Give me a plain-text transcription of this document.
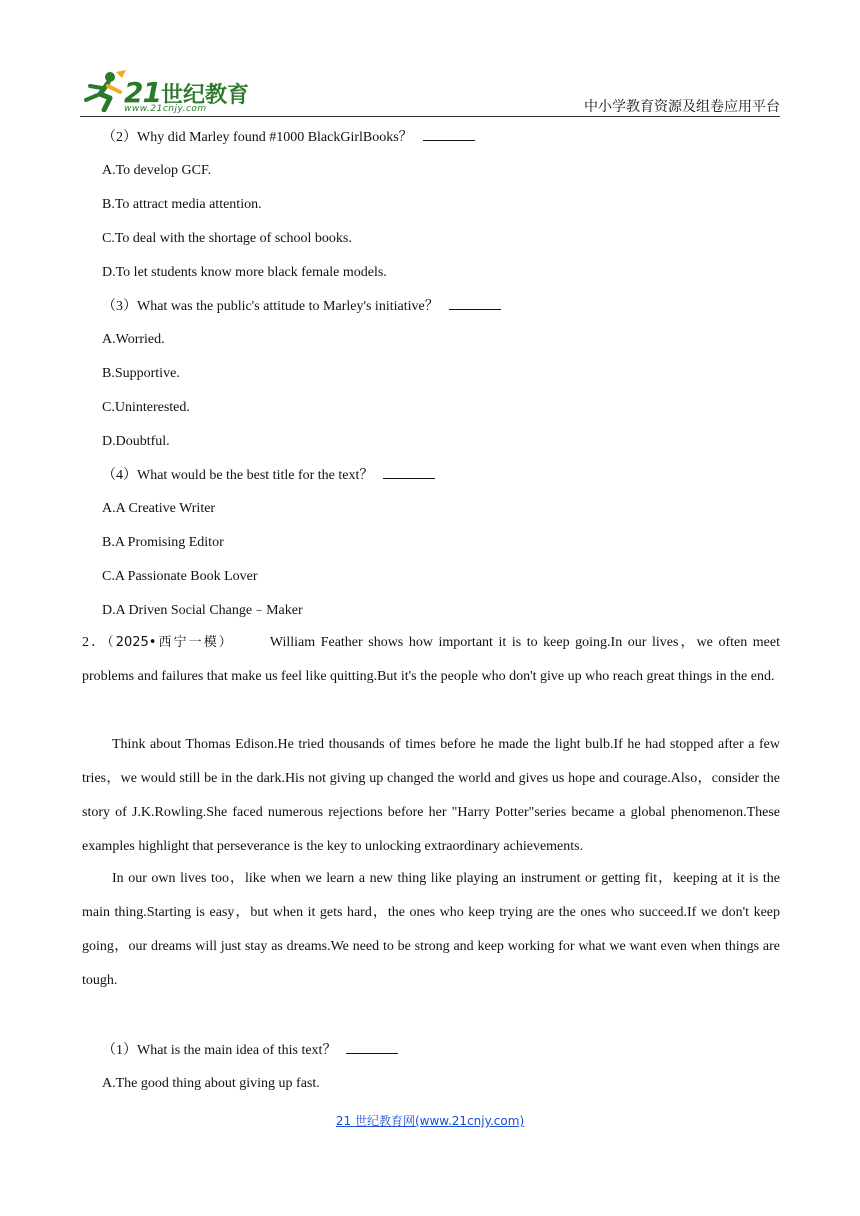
21世纪教育
www.21cnjy.com	中小学教育资源及组卷应用平台
（2）Why did Marley found #1000 BlackGirlBooks？
A.To develop GCF.
B.To attract media attention.
C.To deal with the shortage of school books.
D.To let students know more black female models.
（3）What was the public's attitude to Marley's initiative？
A.Worried.
B.Supportive.
C.Uninterested.
D.Doubtful.
（4）What would be the best title for the text？
A.A Creative Writer
B.A Promising Editor
C.A Passionate Book Lover
D.A Driven Social Change﹣Maker
2．（2025•西宁一模）	William Feather shows how important it is to keep going.In our lives，we often meet problems and failures that make us feel like quitting.But it's the people who don't give up who reach great things in the end.
Think about Thomas Edison.He tried thousands of times before he made the light bulb.If he had stopped after a few tries，we would still be in the dark.His not giving up changed the world and gives us hope and courage.Also，consider the story of J.K.Rowling.She faced numerous rejections before her "Harry Potter"series became a global phenomenon.These examples highlight that perseverance is the key to unlocking extraordinary achievements.
In our own lives too，like when we learn a new thing like playing an instrument or getting fit，keeping at it is the main thing.Starting is easy，but when it gets hard，the ones who keep trying are the ones who succeed.If we don't keep going，our dreams will just stay as dreams.We need to be strong and keep working for what we want even when things are tough.
（1）What is the main idea of this text？
A.The good thing about giving up fast.
21 世纪教育网(www.21cnjy.com)
